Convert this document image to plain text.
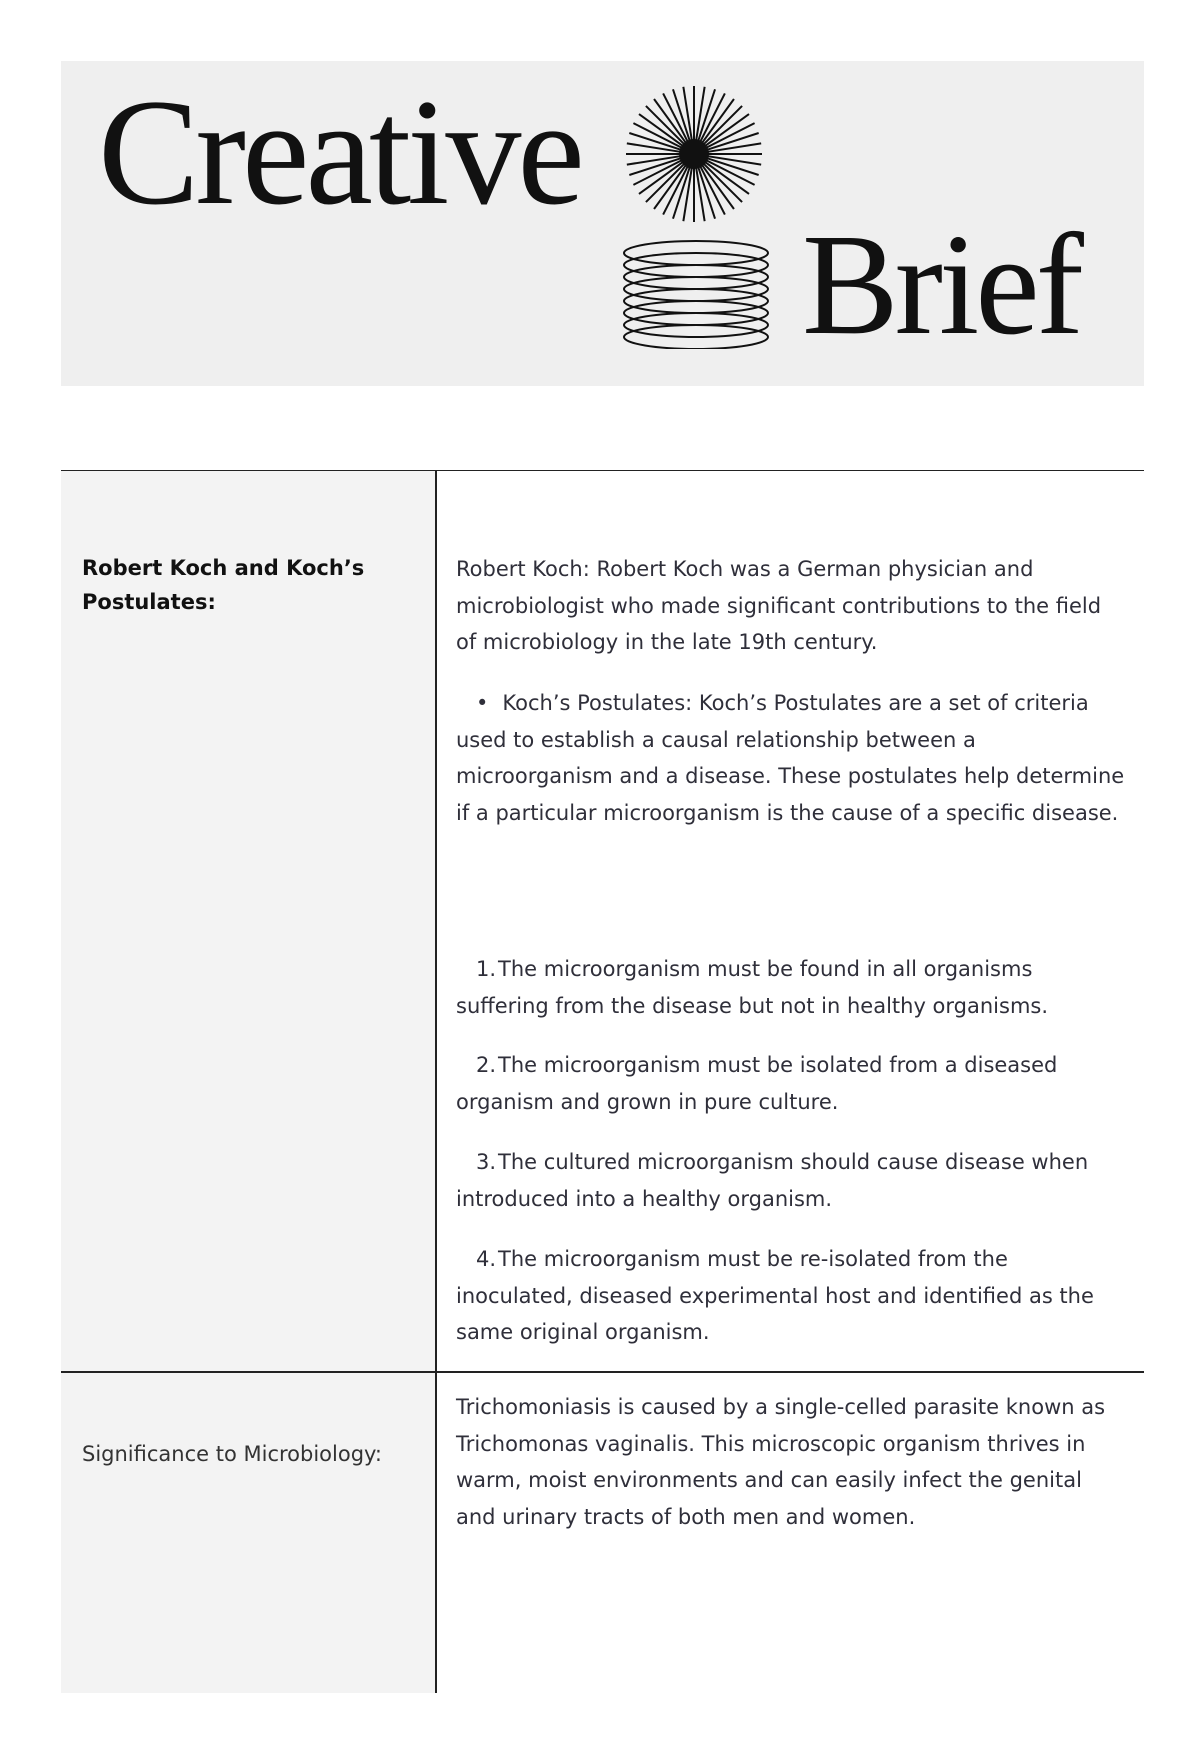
Creative
Brief

Robert Koch and Koch’s Postulates:

Robert Koch: Robert Koch was a German physician and microbiologist who made significant contributions to the field of microbiology in the late 19th century.

• Koch’s Postulates: Koch’s Postulates are a set of criteria used to establish a causal relationship between a microorganism and a disease. These postulates help determine if a particular microorganism is the cause of a specific disease.

1.The microorganism must be found in all organisms suffering from the disease but not in healthy organisms.

2.The microorganism must be isolated from a diseased organism and grown in pure culture.

3.The cultured microorganism should cause disease when introduced into a healthy organism.

4.The microorganism must be re-isolated from the inoculated, diseased experimental host and identified as the same original organism.

Significance to Microbiology:

Trichomoniasis is caused by a single-celled parasite known as Trichomonas vaginalis. This microscopic organism thrives in warm, moist environments and can easily infect the genital and urinary tracts of both men and women.
